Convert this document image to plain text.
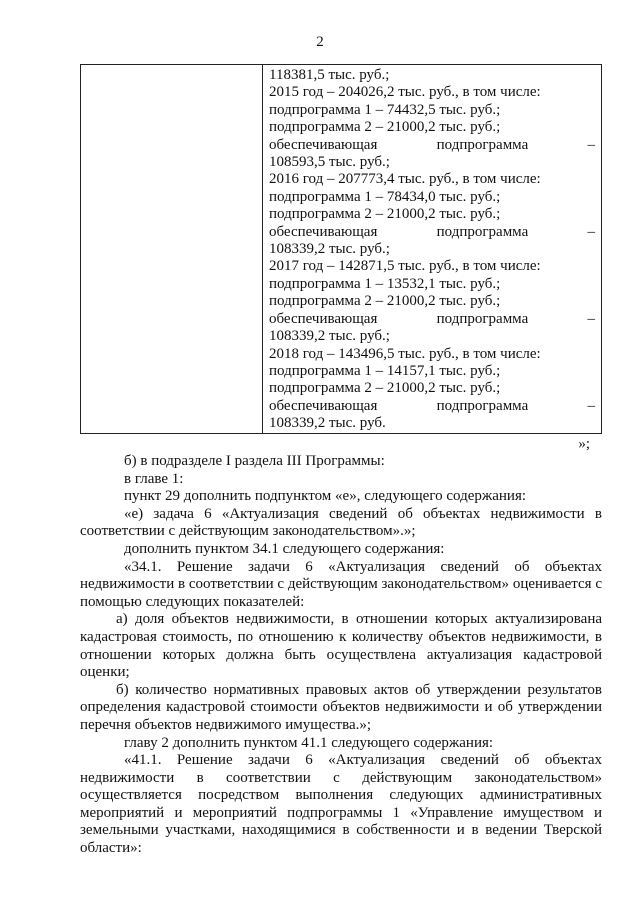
2
118381,5 тыс. руб.;
2015 год – 204026,2 тыс. руб., в том числе:
подпрограмма 1 – 74432,5 тыс. руб.;
подпрограмма 2 – 21000,2 тыс. руб.;
обеспечивающая	подпрограмма	–
108593,5 тыс. руб.;
2016 год – 207773,4 тыс. руб., в том числе:
подпрограмма 1 – 78434,0 тыс. руб.;
подпрограмма 2 – 21000,2 тыс. руб.;
обеспечивающая	подпрограмма	–
108339,2 тыс. руб.;
2017 год – 142871,5 тыс. руб., в том числе:
подпрограмма 1 – 13532,1 тыс. руб.;
подпрограмма 2 – 21000,2 тыс. руб.;
обеспечивающая	подпрограмма	–
108339,2 тыс. руб.;
2018 год – 143496,5 тыс. руб., в том числе:
подпрограмма 1 – 14157,1 тыс. руб.;
подпрограмма 2 – 21000,2 тыс. руб.;
обеспечивающая	подпрограмма	–
108339,2 тыс. руб.
»;

б) в подразделе I раздела III Программы:

в главе 1:

пункт 29 дополнить подпунктом «е», следующего содержания:

«е) задача 6 «Актуализация сведений об объектах недвижимости в соответствии с действующим законодательством».»;

дополнить пунктом 34.1 следующего содержания:

«34.1. Решение задачи 6 «Актуализация сведений об объектах недвижимости в соответствии с действующим законодательством» оценивается с помощью следующих показателей:

а) доля объектов недвижимости, в отношении которых актуализирована кадастровая стоимость, по отношению к количеству объектов недвижимости, в отношении которых должна быть осуществлена актуализация кадастровой оценки;

б) количество нормативных правовых актов об утверждении результатов определения кадастровой стоимости объектов недвижимости и об утверждении перечня объектов недвижимого имущества.»;

главу 2 дополнить пунктом 41.1 следующего содержания:

«41.1. Решение задачи 6 «Актуализация сведений об объектах недвижимости в соответствии с действующим законодательством» осуществляется посредством выполнения следующих административных мероприятий и мероприятий подпрограммы 1 «Управление имуществом и земельными участками, находящимися в собственности и в ведении Тверской области»:
